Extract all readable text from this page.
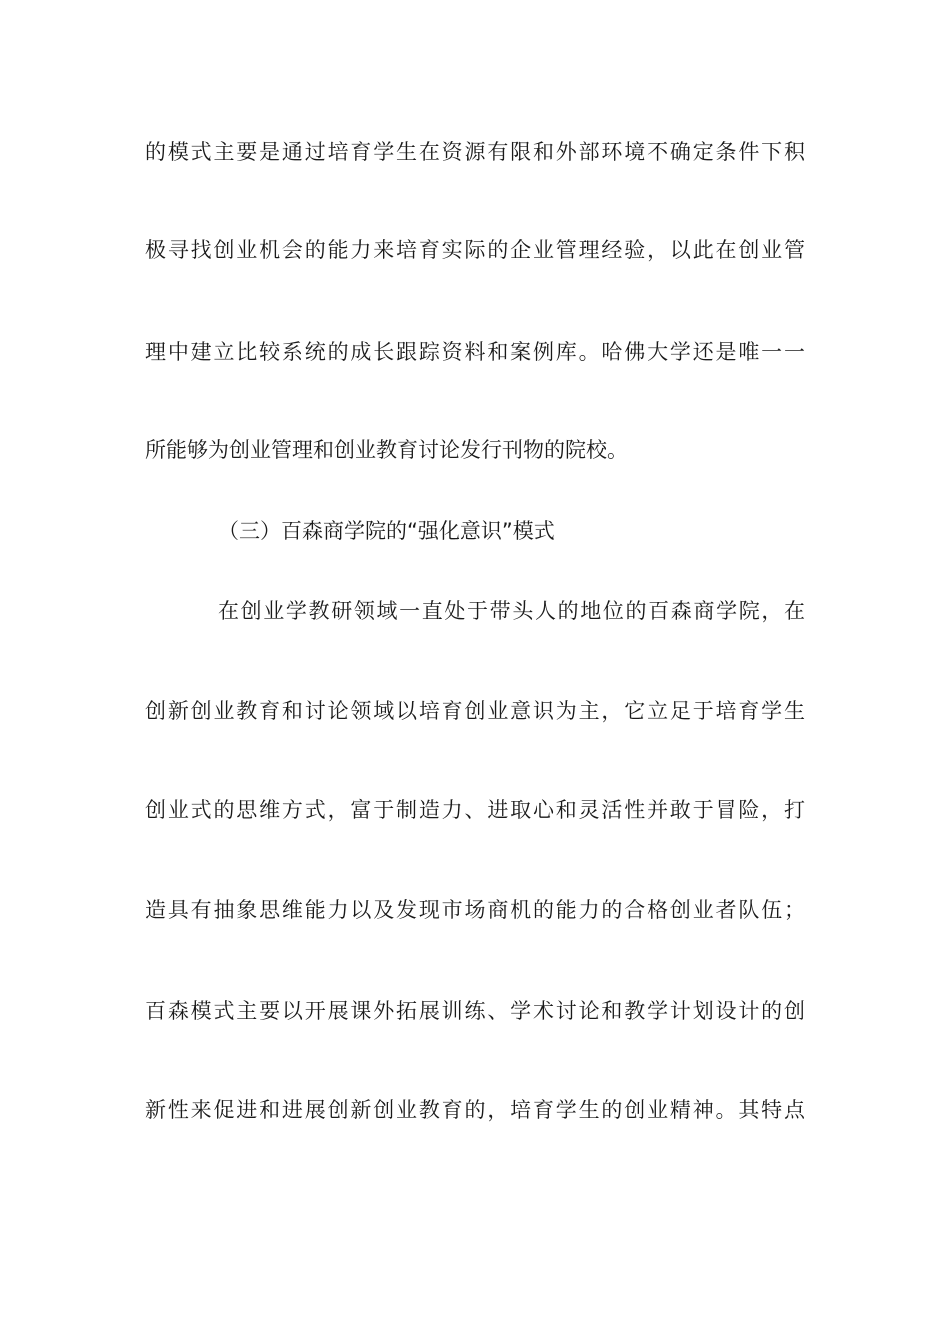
的模式主要是通过培育学生在资源有限和外部环境不确定条件下积
极寻找创业机会的能力来培育实际的企业管理经验，以此在创业管
理中建立比较系统的成长跟踪资料和案例库。哈佛大学还是唯一一
所能够为创业管理和创业教育讨论发行刊物的院校。
（三）百森商学院的“强化意识”模式
在创业学教研领域一直处于带头人的地位的百森商学院，在
创新创业教育和讨论领域以培育创业意识为主，它立足于培育学生
创业式的思维方式，富于制造力、进取心和灵活性并敢于冒险，打
造具有抽象思维能力以及发现市场商机的能力的合格创业者队伍；
百森模式主要以开展课外拓展训练、学术讨论和教学计划设计的创
新性来促进和进展创新创业教育的，培育学生的创业精神。其特点
